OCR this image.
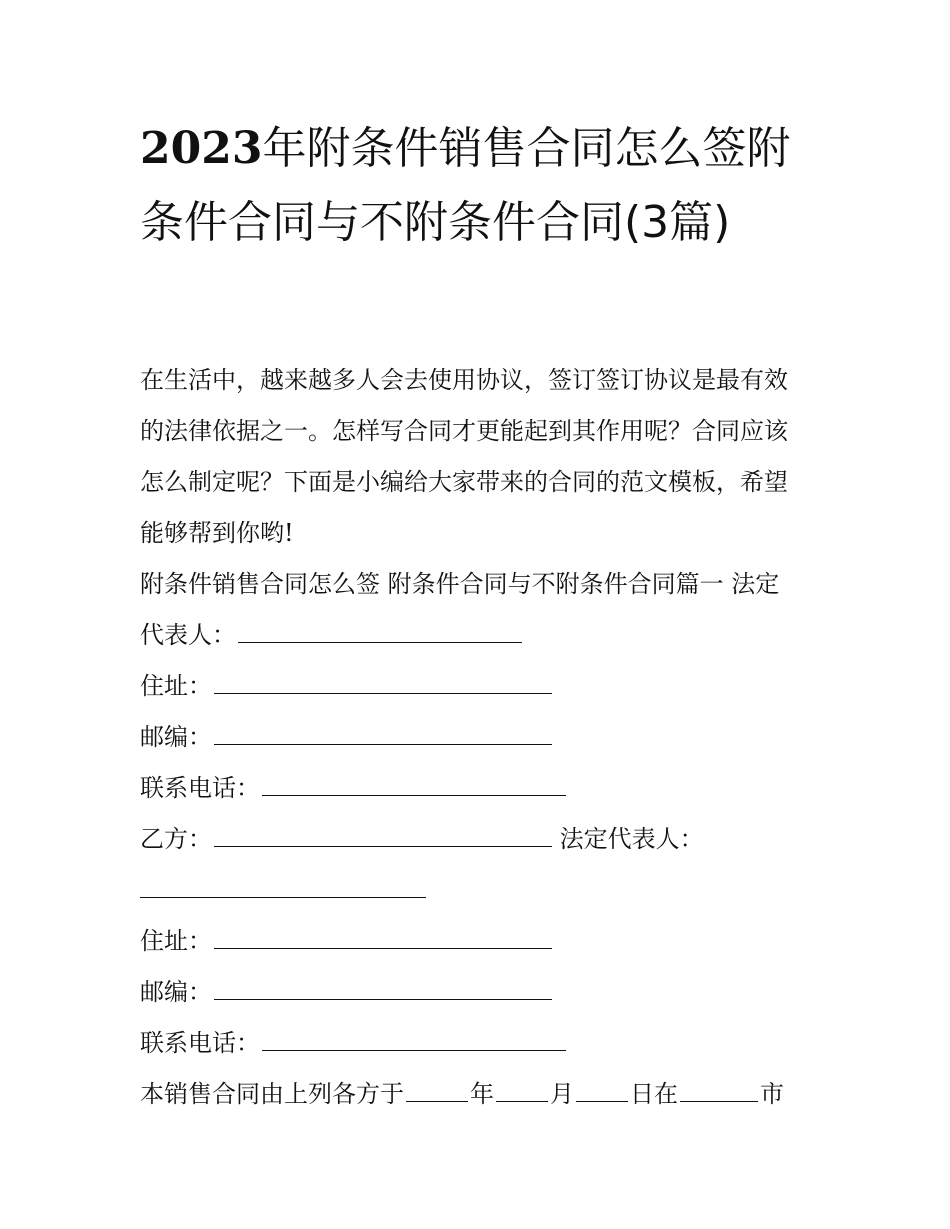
2023年附条件销售合同怎么签附条件合同与不附条件合同(3篇)
在生活中，越来越多人会去使用协议，签订签订协议是最有效
的法律依据之一。怎样写合同才更能起到其作用呢？合同应该
怎么制定呢？下面是小编给大家带来的合同的范文模板，希望
能够帮到你哟!
附条件销售合同怎么签 附条件合同与不附条件合同篇一 法定
代表人：
住址：
邮编：
联系电话：
乙方：	法定代表人：
住址：
邮编：
联系电话：
本销售合同由上列各方于	年 月 日在	市
